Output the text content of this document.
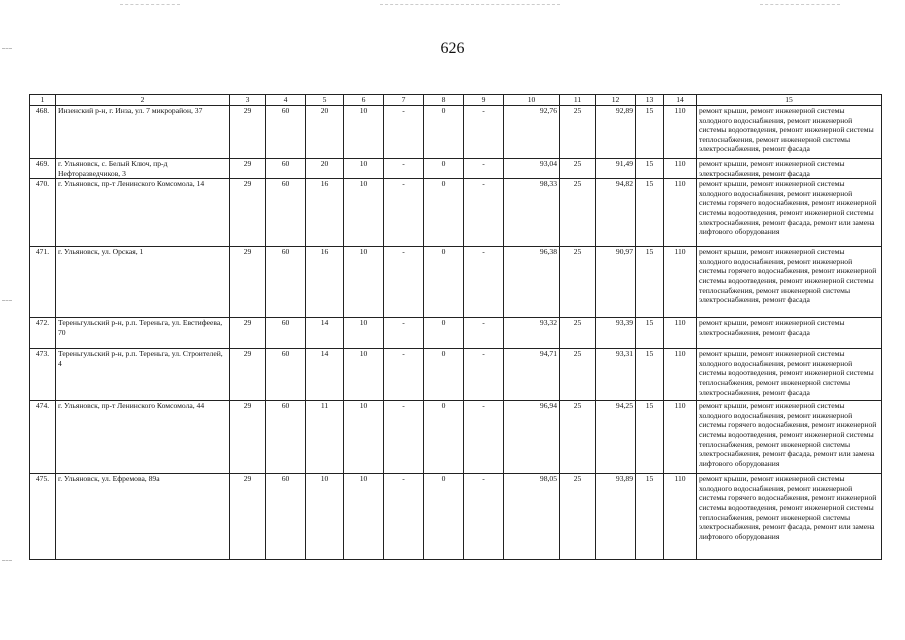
626
1	2	3	4	5	6	7	8	9	10	11	12	13	14	15
468.	Инзенский р-н, г. Инза, ул. 7 микрорайон, 37	29	60	20	10	-	0	-	92,76	25	92,89	15	110	ремонт крыши, ремонт инженерной системы холодного водоснабжения, ремонт инженерной системы водоотведения, ремонт инженерной системы теплоснабжения, ремонт инженерной системы электроснабжения, ремонт фасада
469.	г. Ульяновск, с. Белый Ключ, пр-д Нефторазведчиков, 3	29	60	20	10	-	0	-	93,04	25	91,49	15	110	ремонт крыши, ремонт инженерной системы электроснабжения, ремонт фасада
470.	г. Ульяновск, пр-т Ленинского Комсомола, 14	29	60	16	10	-	0	-	98,33	25	94,82	15	110	ремонт крыши, ремонт инженерной системы холодного водоснабжения, ремонт инженерной системы горячего водоснабжения, ремонт инженерной системы водоотведения, ремонт инженерной системы электроснабжения, ремонт фасада, ремонт или замена лифтового оборудования
471.	г. Ульяновск, ул. Орская, 1	29	60	16	10	-	0	-	96,38	25	90,97	15	110	ремонт крыши, ремонт инженерной системы холодного водоснабжения, ремонт инженерной системы горячего водоснабжения, ремонт инженерной системы водоотведения, ремонт инженерной системы теплоснабжения, ремонт инженерной системы электроснабжения, ремонт фасада
472.	Тереньгульский р-н, р.п. Тереньга, ул. Евстифеева, 70	29	60	14	10	-	0	-	93,32	25	93,39	15	110	ремонт крыши, ремонт инженерной системы электроснабжения, ремонт фасада
473.	Тереньгульский р-н, р.п. Тереньга, ул. Строителей, 4	29	60	14	10	-	0	-	94,71	25	93,31	15	110	ремонт крыши, ремонт инженерной системы холодного водоснабжения, ремонт инженерной системы водоотведения, ремонт инженерной системы теплоснабжения, ремонт инженерной системы электроснабжения, ремонт фасада
474.	г. Ульяновск, пр-т Ленинского Комсомола, 44	29	60	11	10	-	0	-	96,94	25	94,25	15	110	ремонт крыши, ремонт инженерной системы холодного водоснабжения, ремонт инженерной системы горячего водоснабжения, ремонт инженерной системы водоотведения, ремонт инженерной системы теплоснабжения, ремонт инженерной системы электроснабжения, ремонт фасада, ремонт или замена лифтового оборудования
475.	г. Ульяновск, ул. Ефремова, 89а	29	60	10	10	-	0	-	98,05	25	93,89	15	110	ремонт крыши, ремонт инженерной системы холодного водоснабжения, ремонт инженерной системы горячего водоснабжения, ремонт инженерной системы водоотведения, ремонт инженерной системы теплоснабжения, ремонт инженерной системы электроснабжения, ремонт фасада, ремонт или замена лифтового оборудования
